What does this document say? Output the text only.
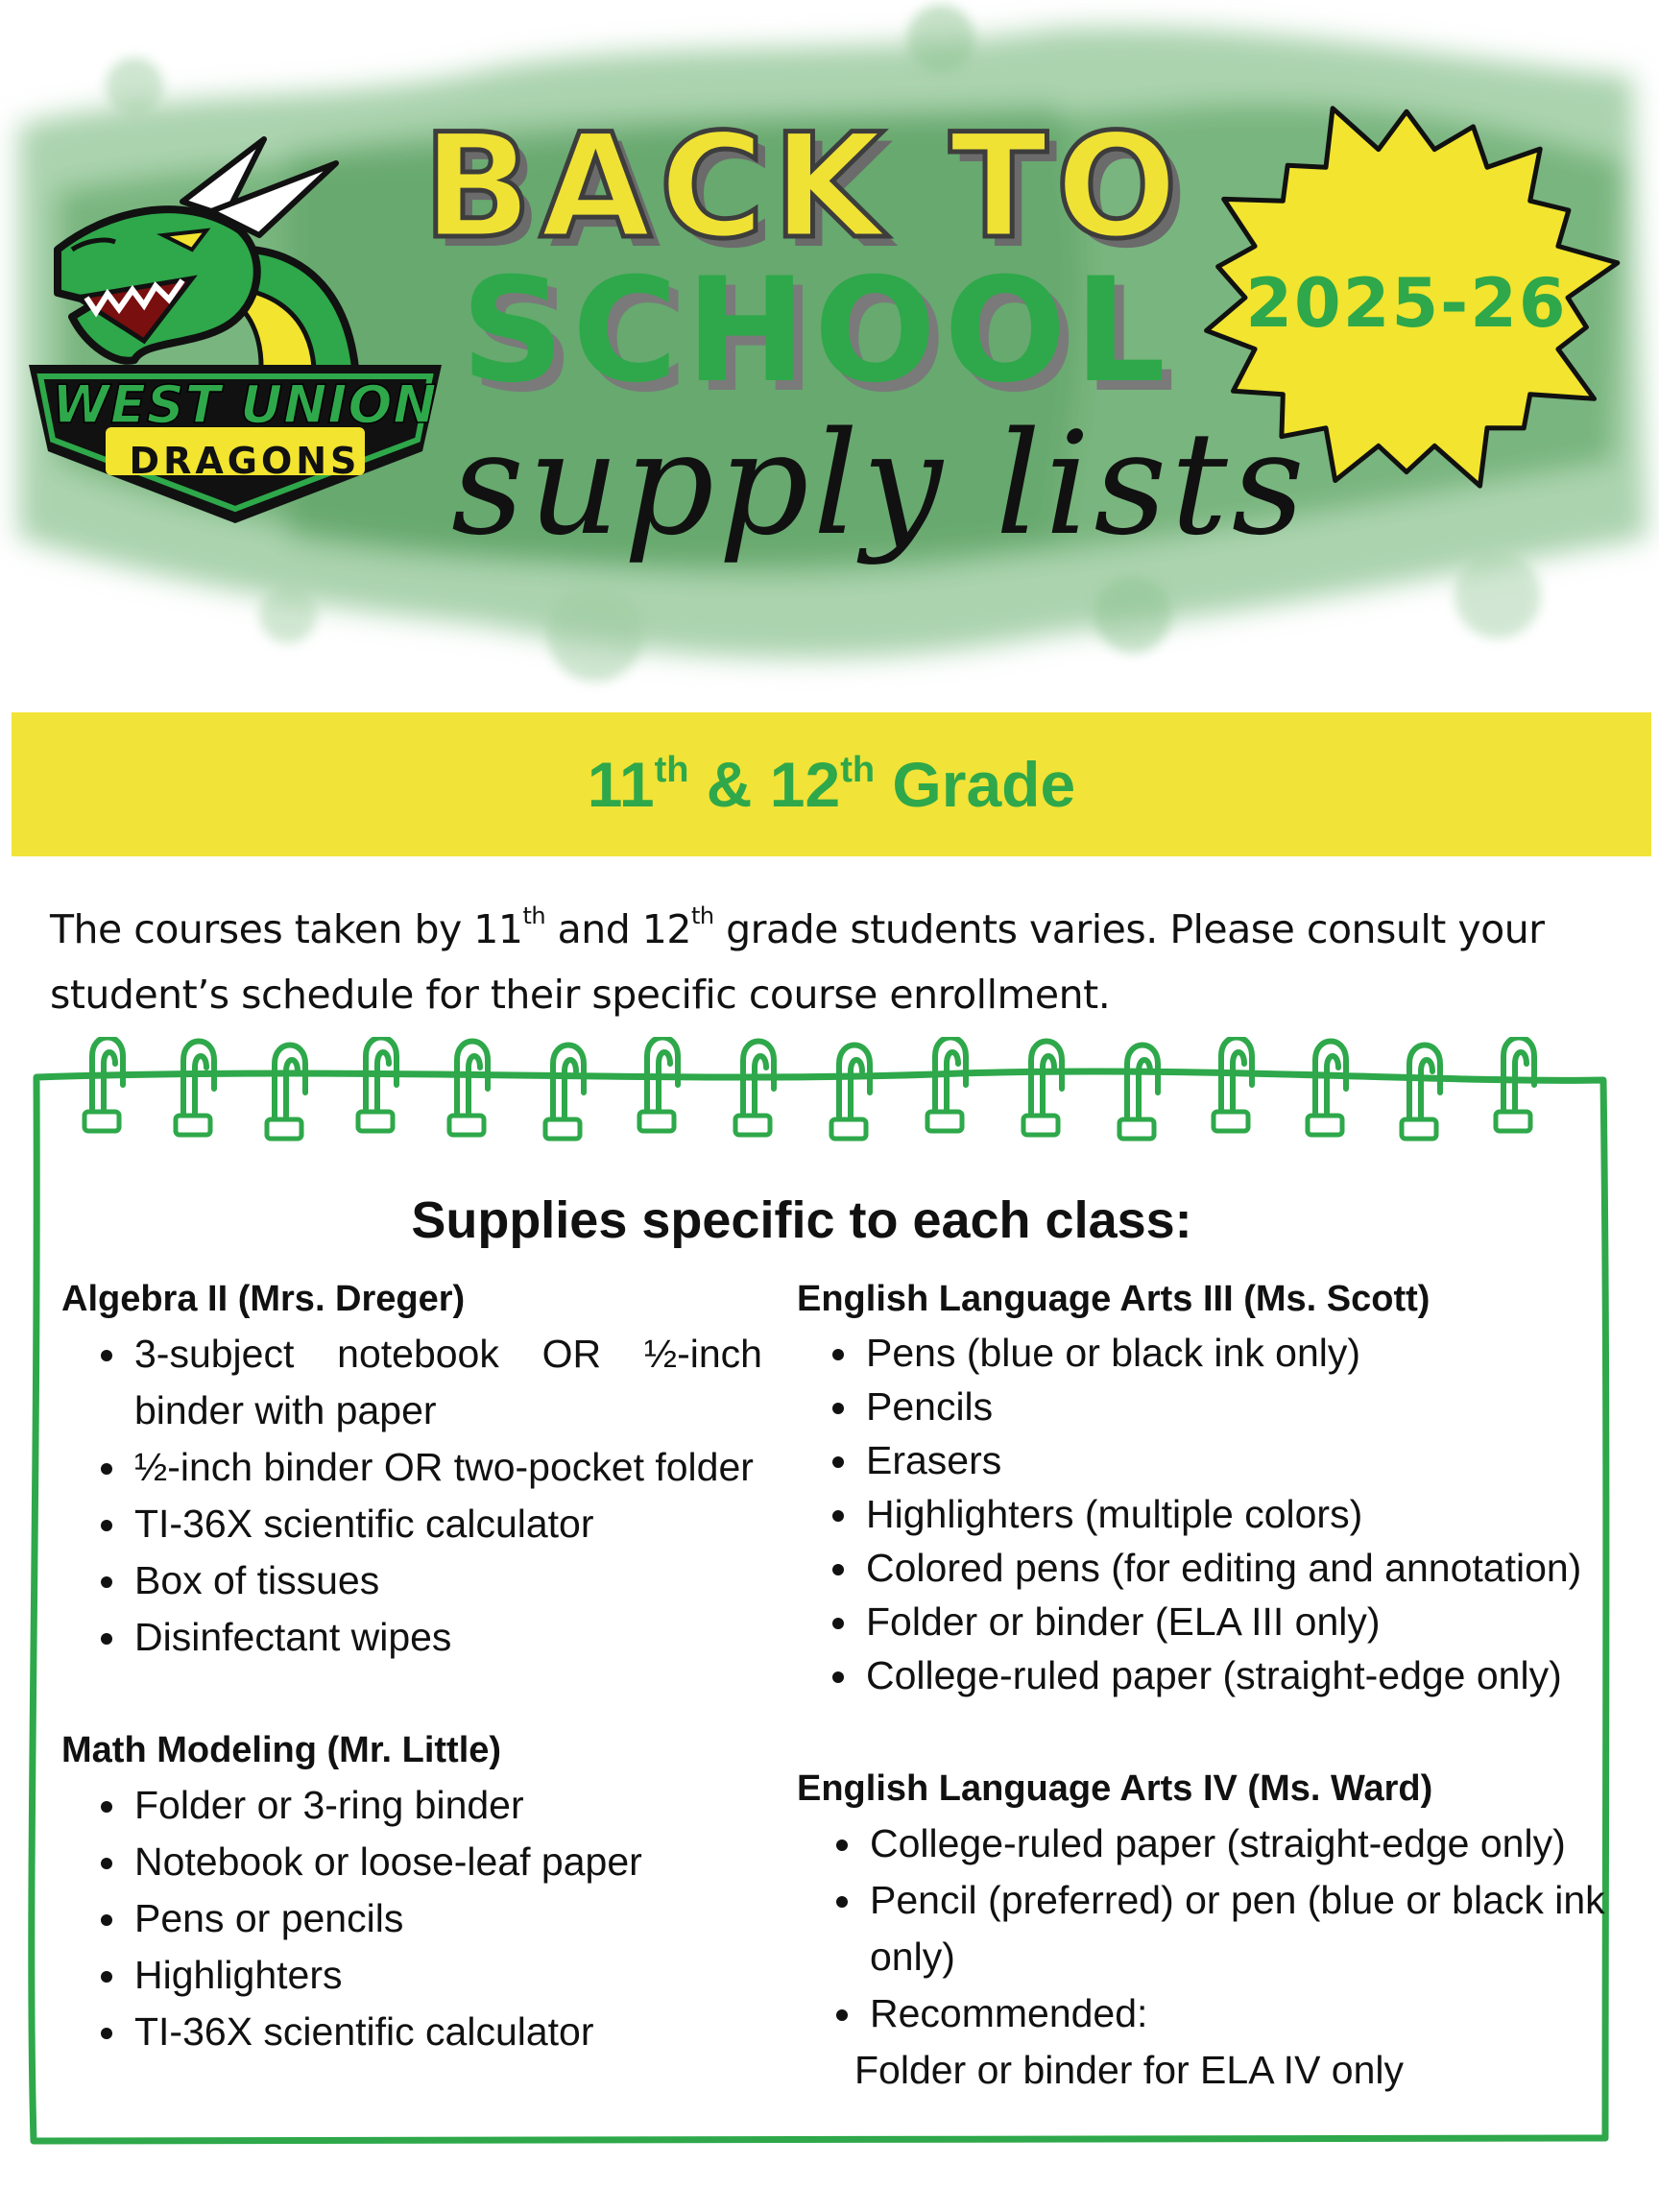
WEST UNION
DRAGONS
BACK TO
SCHOOL
supply lists
2025-26
11th & 12th Grade
The courses taken by 11th and 12th grade students varies. Please consult your student’s schedule for their specific course enrollment.
Supplies specific to each class:
Algebra II (Mrs. Dreger)
• 3-subject notebook OR ½-inch binder with paper
• ½-inch binder OR two-pocket folder
• TI-36X scientific calculator
• Box of tissues
• Disinfectant wipes
Math Modeling (Mr. Little)
• Folder or 3-ring binder
• Notebook or loose-leaf paper
• Pens or pencils
• Highlighters
• TI-36X scientific calculator
English Language Arts III (Ms. Scott)
• Pens (blue or black ink only)
• Pencils
• Erasers
• Highlighters (multiple colors)
• Colored pens (for editing and annotation)
• Folder or binder (ELA III only)
• College-ruled paper (straight-edge only)
English Language Arts IV (Ms. Ward)
• College-ruled paper (straight-edge only)
• Pencil (preferred) or pen (blue or black ink only)
• Recommended:
Folder or binder for ELA IV only
